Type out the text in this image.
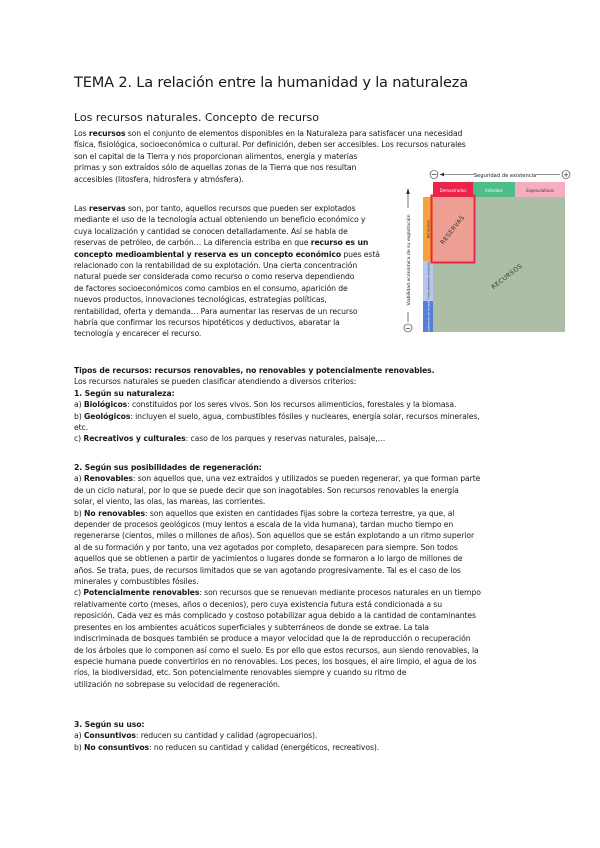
TEMA 2. La relación entre la humanidad y la naturaleza
Los recursos naturales. Concepto de recurso
Los recursos son el conjunto de elementos disponibles en la Naturaleza para satisfacer una necesidad
física, fisiológica, socioeconómica o cultural. Por definición, deben ser accesibles. Los recursos naturales
son el capital de la Tierra y nos proporcionan alimentos, energía y materias
primas y son extraídos sólo de aquellas zonas de la Tierra que nos resultan
accesibles (litosfera, hidrosfera y atmósfera).
Las reservas son, por tanto, aquellos recursos que pueden ser explotados
mediante el uso de la tecnología actual obteniendo un beneficio económico y
cuya localización y cantidad se conocen detalladamente. Así se habla de
reservas de petróleo, de carbón… La diferencia estriba en que recurso es un
concepto medioambiental y reserva es un concepto económico pues está
relacionado con la rentabilidad de su explotación. Una cierta concentración
natural puede ser considerada como recurso o como reserva dependiendo
de factores socioeconómicos como cambios en el consumo, aparición de
nuevos productos, innovaciones tecnológicas, estrategias políticas,
rentabilidad, oferta y demanda… Para aumentar las reservas de un recurso
habría que confirmar los recursos hipotéticos y deductivos, abaratar la
tecnología y encarecer el recurso.
Tipos de recursos: recursos renovables, no renovables y potencialmente renovables.
Los recursos naturales se pueden clasificar atendiendo a diversos criterios:
1. Según su naturaleza:
a) Biológicos: constituidos por los seres vivos. Son los recursos alimenticios, forestales y la biomasa.
b) Geológicos: incluyen el suelo, agua, combustibles fósiles y nucleares, energía solar, recursos minerales,
etc.
c) Recreativos y culturales: caso de los parques y reservas naturales, paisaje,…
2. Según sus posibilidades de regeneración:
a) Renovables: son aquellos que, una vez extraídos y utilizados se pueden regenerar, ya que forman parte
de un ciclo natural, por lo que se puede decir que son inagotables. Son recursos renovables la energía
solar, el viento, las olas, las mareas, las corrientes.
b) No renovables: son aquellos que existen en cantidades fijas sobre la corteza terrestre, ya que, al
depender de procesos geológicos (muy lentos a escala de la vida humana), tardan mucho tiempo en
regenerarse (cientos, miles o millones de años). Son aquellos que se están explotando a un ritmo superior
al de su formación y por tanto, una vez agotados por completo, desaparecen para siempre. Son todos
aquellos que se obtienen a partir de yacimientos o lugares donde se formaron a lo largo de millones de
años. Se trata, pues, de recursos limitados que se van agotando progresivamente. Tal es el caso de los
minerales y combustibles fósiles.
c) Potencialmente renovables: son recursos que se renuevan mediante procesos naturales en un tiempo
relativamente corto (meses, años o decenios), pero cuya existencia futura está condicionada a su
reposición. Cada vez es más complicado y costoso potabilizar agua debido a la cantidad de contaminantes
presentes en los ambientes acuáticos superficiales y subterráneos de donde se extrae. La tala
indiscriminada de bosques también se produce a mayor velocidad que la de reproducción o recuperación
de los árboles que lo componen así como el suelo. Es por ello que estos recursos, aun siendo renovables, la
especie humana puede convertirlos en no renovables. Los peces, los bosques, el aire limpio, el agua de los
ríos, la biodiversidad, etc. Son potencialmente renovables siempre y cuando su ritmo de
utilización no sobrepase su velocidad de regeneración.
3. Según su uso:
a) Consuntivos: reducen su cantidad y calidad (agropecuarios).
b) No consuntivos: no reducen su cantidad y calidad (energéticos, recreativos).
−	+
Seguridad de existencia
−
Viabilidad económica de su explotación
Demostrados	Inferidos	Especulativos
Rentables
Potencialmente rentables
Actualmente no rentables
RESERVAS
RECURSOS
